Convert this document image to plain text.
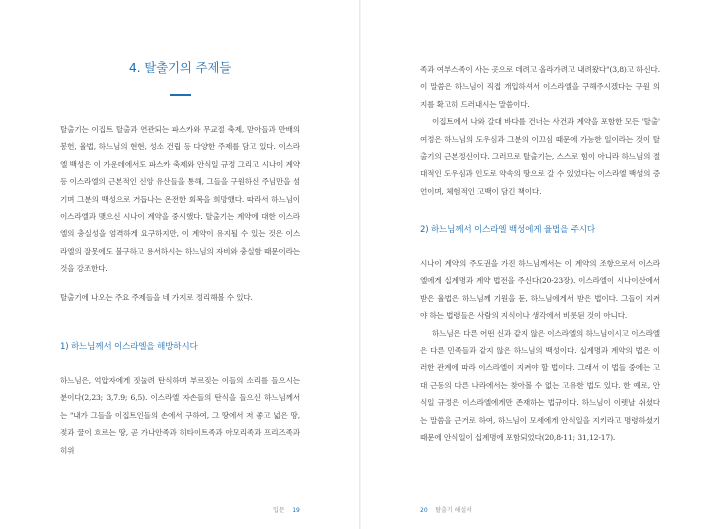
4. 탈출기의 주제들

탈출기는 이집트 탈출과 연관되는 파스카와 무교절 축제, 맏아들과 만배의 봉헌, 율법, 하느님의 현현, 성소 건립 등 다양한 주제를 담고 있다. 이스라엘 백성은 이 가운데에서도 파스카 축제와 안식일 규정 그리고 시나이 계약 등 이스라엘의 근본적인 신앙 유산들을 통해, 그들을 구원하신 주님만을 섬기며 그분의 백성으로 거듭나는 온전한 회복을 희망했다. 따라서 하느님이 이스라엘과 맺으신 시나이 계약을 중시했다. 탈출기는 계약에 대한 이스라엘의 충실성을 엄격하게 요구하지만, 이 계약이 유지될 수 있는 것은 이스라엘의 잘못에도 불구하고 용서하시는 하느님의 자비와 충실함 때문이라는 것을 강조한다.

탈출기에 나오는 주요 주제들을 네 가지로 정리해볼 수 있다.

1) 하느님께서 이스라엘을 해방하시다

하느님은, 억압자에게 짓눌려 탄식하며 부르짖는 이들의 소리를 들으시는 분이다(2,23; 3,7.9; 6,5). 이스라엘 자손들의 탄식을 들으신 하느님께서는 "내가 그들을 이집트인들의 손에서 구하여, 그 땅에서 저 좋고 넓은 땅, 젖과 꿀이 흐르는 땅, 곧 가나안족과 히타이트족과 아모리족과 프리즈족과 히위

입문 19

족과 여부스족이 사는 곳으로 데려고 올라가려고 내려왔다"(3,8)고 하신다. 이 말씀은 하느님이 직접 개입하셔서 이스라엘을 구해주시겠다는 구원 의지를 확고히 드러내시는 말씀이다.

이집트에서 나와 갈대 바다를 건너는 사건과 계약을 포함한 모든 '탈출' 여정은 하느님의 도우심과 그분의 이끄심 때문에 가능한 일이라는 것이 탈출기의 근본정신이다. 그러므로 탈출기는, 스스로 힘이 아니라 하느님의 절대적인 도우심과 인도로 약속의 땅으로 갈 수 있었다는 이스라엘 백성의 증언이며, 체험적인 고백이 담긴 책이다.

2) 하느님께서 이스라엘 백성에게 율법을 주시다

시나이 계약의 주도권을 가진 하느님께서는 이 계약의 조항으로서 이스라엘에게 십계명과 계약 법전을 주신다(20-23장). 이스라엘이 시나이산에서 받은 율법은 하느님께 기원을 둔, 하느님에게서 받은 법이다. 그들이 지켜야 하는 법령들은 사람의 지식이나 생각에서 비롯된 것이 아니다.

하느님은 다른 어떤 신과 같지 않은 이스라엘의 하느님이시고 이스라엘은 다른 민족들과 같지 않은 하느님의 백성이다. 십계명과 계약의 법은 이러한 관계에 따라 이스라엘이 지켜야 할 법이다. 그래서 이 법들 중에는 고대 근동의 다른 나라에서는 찾아볼 수 없는 고유한 법도 있다. 한 예로, 안식일 규정은 이스라엘에게만 존재하는 법규이다. 하느님이 이렛날 쉬셨다는 말씀을 근거로 하여, 하느님이 모세에게 안식일을 지키라고 명령하셨기 때문에 안식일이 십계명에 포함되었다(20,8-11; 31,12-17).

20 탈출기 해설서
